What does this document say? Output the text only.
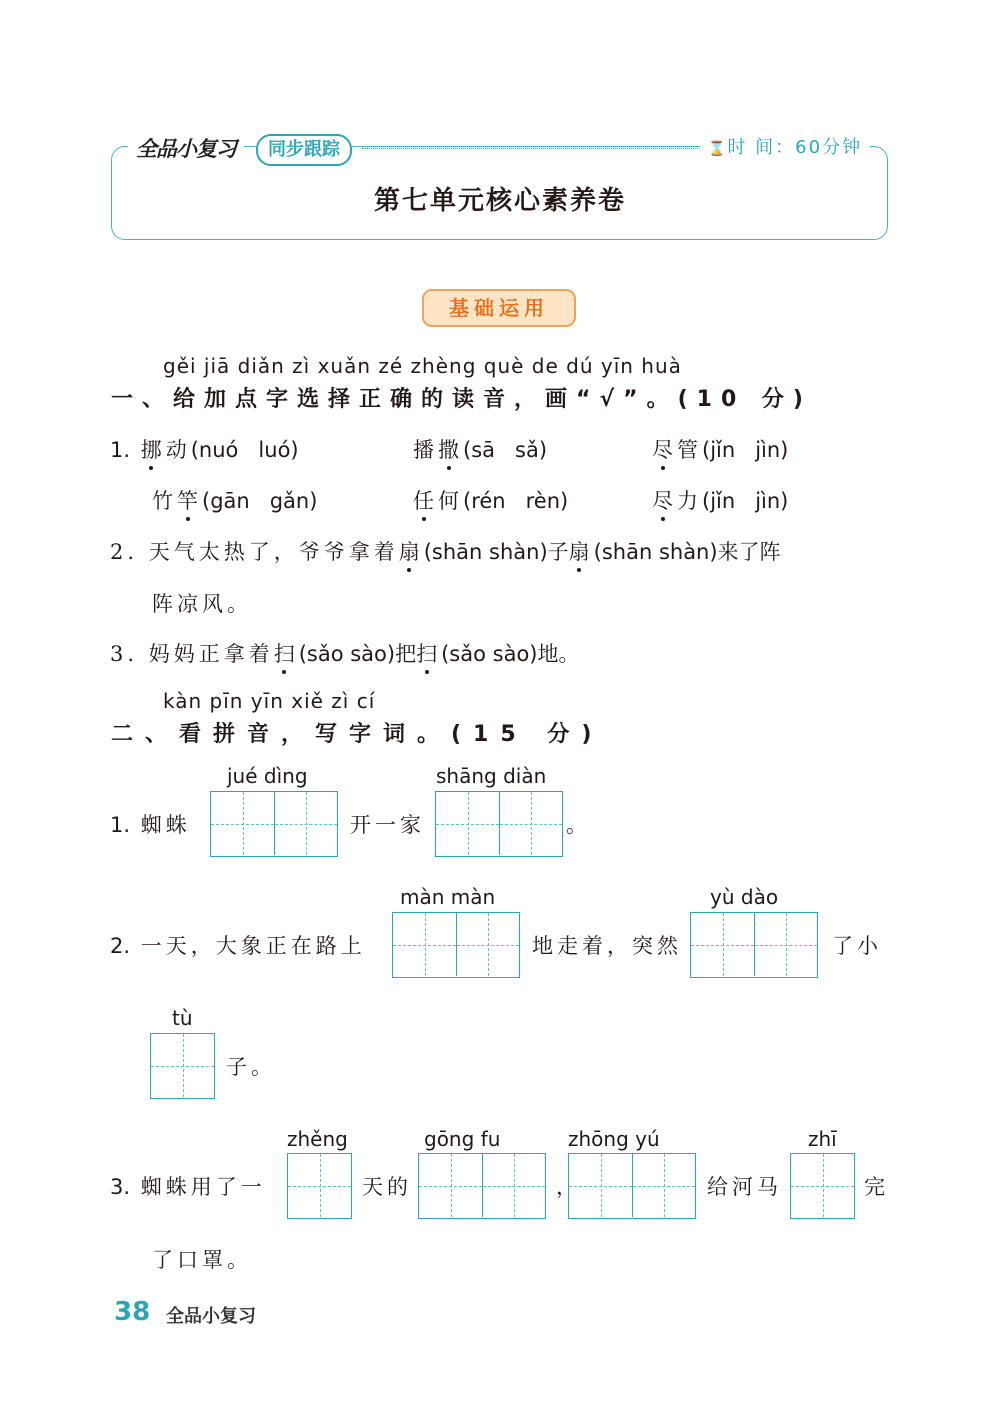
全品小复习	同步跟踪	⌛时 间：60分钟
第七单元核心素养卷
基础运用
gěi jiā diǎn zì xuǎn zé zhèng què de dú yīn huà
一、给加点字选择正确的读音，画“√”。(10 分)
1. 挪动(nuó   luó)	播撒(sā   sǎ)	尽管(jǐn   jìn)
竹竿(gān   gǎn)	任何(rén   rèn)	尽力(jǐn   jìn)
2. 天气太热了，爷爷拿着扇(shān shàn)子扇(shān shàn)来了阵
阵凉风。
3. 妈妈正拿着扫(sǎo sào)把扫(sǎo sào)地。
kàn pīn yīn xiě zì cí
二、看拼音，写字词。(15 分)
1. 蜘蛛
jué dìng
开一家
shāng diàn
。
2. 一天，大象正在路上
màn màn
地走着，突然
yù dào
了小
tù
子。
3. 蜘蛛用了一
zhěng
天的
gōng fu
，
zhōng yú
给河马
zhī
完
了口罩。
38 全品小复习
